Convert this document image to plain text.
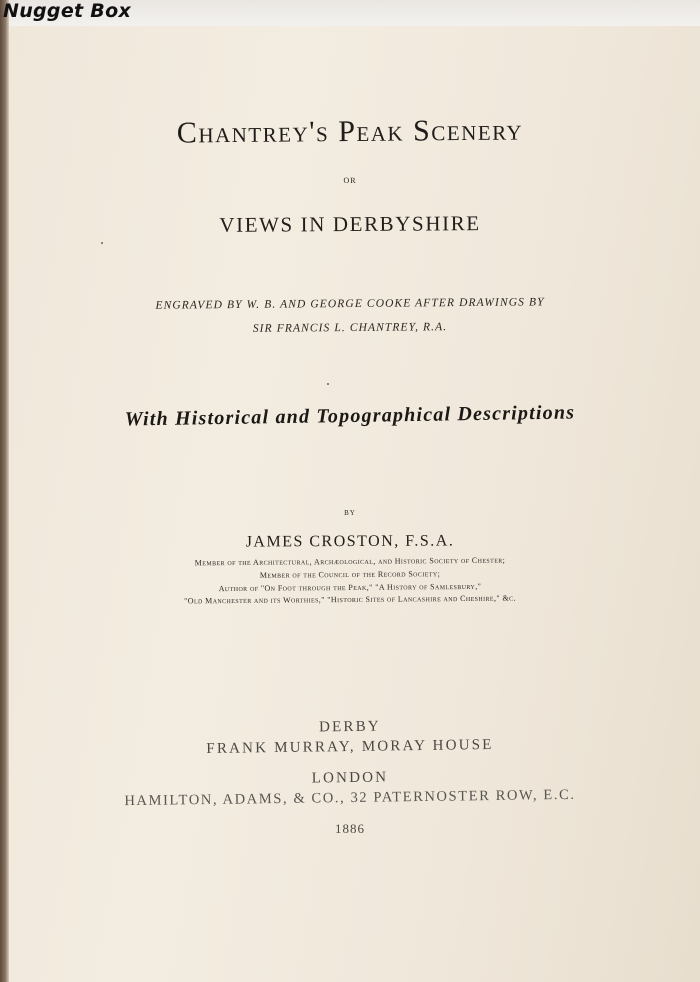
Nugget Box
Chantrey's Peak Scenery
OR
VIEWS IN DERBYSHIRE
ENGRAVED BY W. B. AND GEORGE COOKE AFTER DRAWINGS BY
SIR FRANCIS L. CHANTREY, R.A.
With Historical and Topographical Descriptions
BY
JAMES CROSTON, F.S.A.
Member of the Architectural, Archæological, and Historic Society of Chester;
Member of the Council of the Record Society;
Author of "On Foot through the Peak," "A History of Samlesbury,"
"Old Manchester and its Worthies," "Historic Sites of Lancashire and Cheshire," &c.
DERBY
FRANK MURRAY, MORAY HOUSE
LONDON
HAMILTON, ADAMS, & CO., 32 PATERNOSTER ROW, E.C.
1886
